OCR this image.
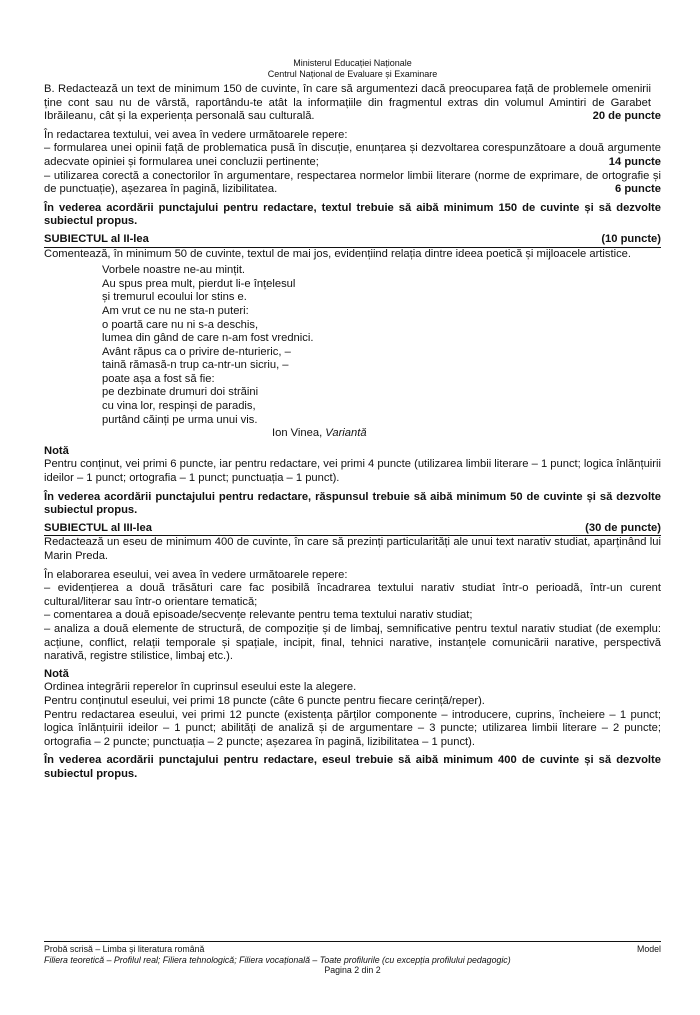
Ministerul Educației Naționale
Centrul Național de Evaluare și Examinare
B. Redactează un text de minimum 150 de cuvinte, în care să argumentezi dacă preocuparea față de problemele omenirii ține cont sau nu de vârstă, raportându-te atât la informațiile din fragmentul extras din volumul Amintiri de Garabet Ibrăileanu, cât și la experiența personală sau culturală.	20 de puncte

În redactarea textului, vei avea în vedere următoarele repere:

– formularea unei opinii față de problematica pusă în discuție, enunțarea și dezvoltarea corespunzătoare a două argumente adecvate opiniei și formularea unei concluzii pertinente;	14 puncte

– utilizarea corectă a conectorilor în argumentare, respectarea normelor limbii literare (norme de exprimare, de ortografie și de punctuație), așezarea în pagină, lizibilitatea.	6 puncte

În vederea acordării punctajului pentru redactare, textul trebuie să aibă minimum 150 de cuvinte și să dezvolte subiectul propus.

SUBIECTUL al II-lea	(10 puncte)

Comentează, în minimum 50 de cuvinte, textul de mai jos, evidențiind relația dintre ideea poetică și mijloacele artistice.

Vorbele noastre ne-au mințit.
Au spus prea mult, pierdut li-e înțelesul
și tremurul ecoului lor stins e.
Am vrut ce nu ne sta-n puteri:
o poartă care nu ni s-a deschis,
lumea din gând de care n-am fost vrednici.
Avânt răpus ca o privire de-nturieric, –
taină rămasă-n trup ca-ntr-un sicriu, –
poate așa a fost să fie:
pe dezbinate drumuri doi străini
cu vina lor, respinși de paradis,
purtând căinți pe urma unui vis.
Ion Vinea, Variantă
Notă

Pentru conținut, vei primi 6 puncte, iar pentru redactare, vei primi 4 puncte (utilizarea limbii literare – 1 punct; logica înlănțuirii ideilor – 1 punct; ortografia – 1 punct; punctuația – 1 punct).

În vederea acordării punctajului pentru redactare, răspunsul trebuie să aibă minimum 50 de cuvinte și să dezvolte subiectul propus.

SUBIECTUL al III-lea	(30 de puncte)

Redactează un eseu de minimum 400 de cuvinte, în care să prezinți particularități ale unui text narativ studiat, aparținând lui Marin Preda.

În elaborarea eseului, vei avea în vedere următoarele repere:

– evidențierea a două trăsături care fac posibilă încadrarea textului narativ studiat într-o perioadă, într-un curent cultural/literar sau într-o orientare tematică;

– comentarea a două episoade/secvențe relevante pentru tema textului narativ studiat;

– analiza a două elemente de structură, de compoziție și de limbaj, semnificative pentru textul narativ studiat (de exemplu: acțiune, conflict, relații temporale și spațiale, incipit, final, tehnici narative, instanțele comunicării narative, perspectivă narativă, registre stilistice, limbaj etc.).

Notă

Ordinea integrării reperelor în cuprinsul eseului este la alegere.

Pentru conținutul eseului, vei primi 18 puncte (câte 6 puncte pentru fiecare cerință/reper).

Pentru redactarea eseului, vei primi 12 puncte (existența părților componente – introducere, cuprins, încheiere – 1 punct; logica înlănțuirii ideilor – 1 punct; abilități de analiză și de argumentare – 3 puncte; utilizarea limbii literare – 2 puncte; ortografia – 2 puncte; punctuația – 2 puncte; așezarea în pagină, lizibilitatea – 1 punct).

În vederea acordării punctajului pentru redactare, eseul trebuie să aibă minimum 400 de cuvinte și să dezvolte subiectul propus.

Probă scrisă – Limba și literatura română	Model
Filiera teoretică – Profilul real; Filiera tehnologică; Filiera vocațională – Toate profilurile (cu excepția profilului pedagogic)
Pagina 2 din 2
